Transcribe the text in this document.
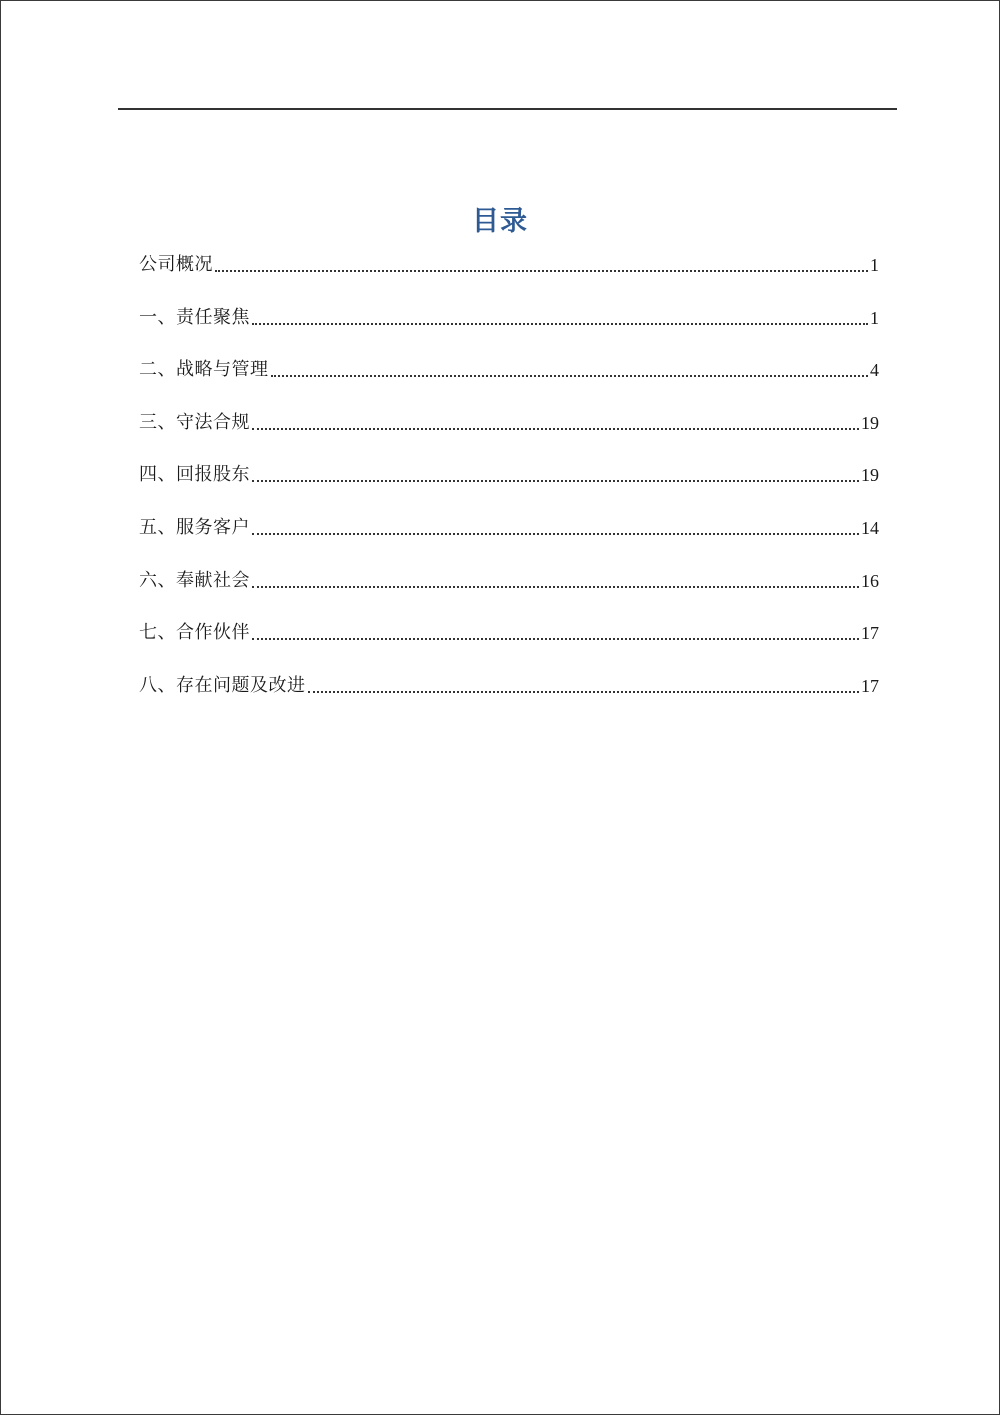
目录
公司概况	1
一、责任聚焦	1
二、战略与管理	4
三、守法合规	19
四、回报股东	19
五、服务客户	14
六、奉献社会	16
七、合作伙伴	17
八、存在问题及改进	17
